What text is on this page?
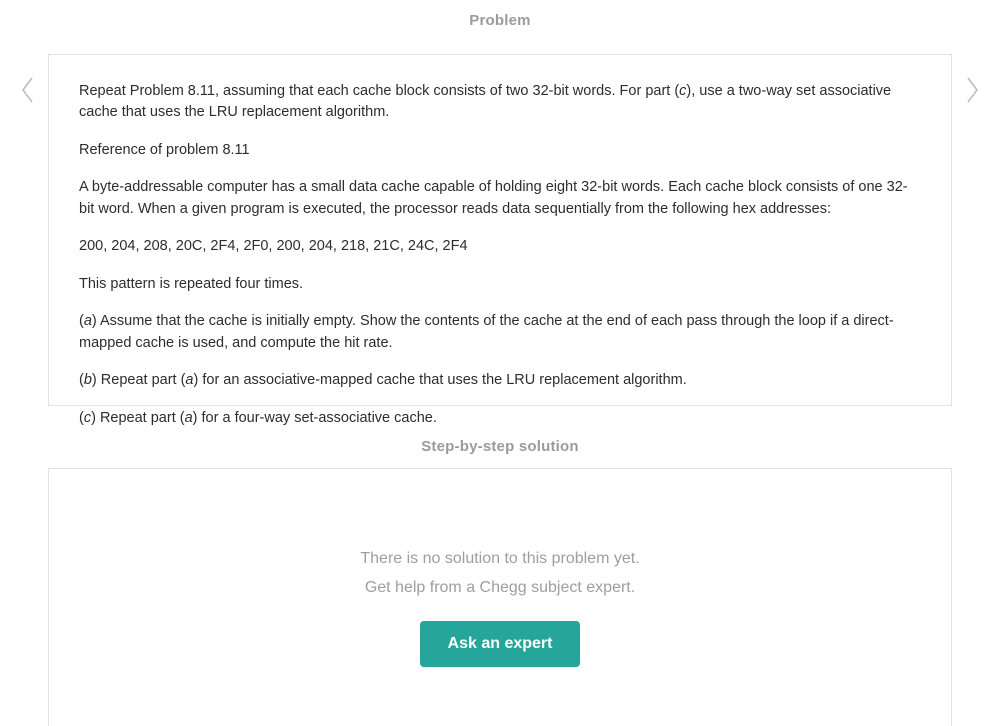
Problem

Repeat Problem 8.11, assuming that each cache block consists of two 32-bit words. For part (c), use a two-way set associative cache that uses the LRU replacement algorithm.

Reference of problem 8.11

A byte-addressable computer has a small data cache capable of holding eight 32-bit words. Each cache block consists of one 32-bit word. When a given program is executed, the processor reads data sequentially from the following hex addresses:

200, 204, 208, 20C, 2F4, 2F0, 200, 204, 218, 21C, 24C, 2F4

This pattern is repeated four times.

(a) Assume that the cache is initially empty. Show the contents of the cache at the end of each pass through the loop if a direct-mapped cache is used, and compute the hit rate.

(b) Repeat part (a) for an associative-mapped cache that uses the LRU replacement algorithm.

(c) Repeat part (a) for a four-way set-associative cache.

Step-by-step solution
There is no solution to this problem yet.
Get help from a Chegg subject expert.
Ask an expert
